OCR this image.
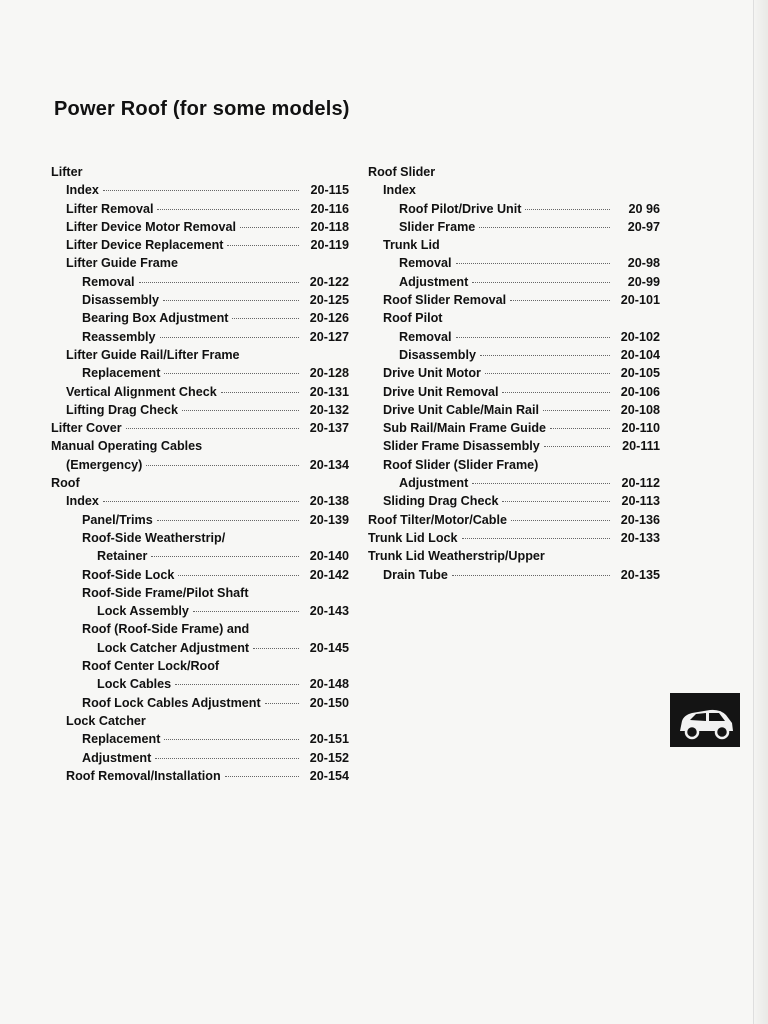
Power Roof (for some models)
Lifter
Index	20-115
Lifter Removal	20-116
Lifter Device Motor Removal	20-118
Lifter Device Replacement	20-119
Lifter Guide Frame
Removal	20-122
Disassembly	20-125
Bearing Box Adjustment	20-126
Reassembly	20-127
Lifter Guide Rail/Lifter Frame
Replacement	20-128
Vertical Alignment Check	20-131
Lifting Drag Check	20-132
Lifter Cover	20-137
Manual Operating Cables
(Emergency)	20-134
Roof
Index	20-138
Panel/Trims	20-139
Roof-Side Weatherstrip/
Retainer	20-140
Roof-Side Lock	20-142
Roof-Side Frame/Pilot Shaft
Lock Assembly	20-143
Roof (Roof-Side Frame) and
Lock Catcher Adjustment	20-145
Roof Center Lock/Roof
Lock Cables	20-148
Roof Lock Cables Adjustment	20-150
Lock Catcher
Replacement	20-151
Adjustment	20-152
Roof Removal/Installation	20-154
Roof Slider
Index
Roof Pilot/Drive Unit	20 96
Slider Frame	20-97
Trunk Lid
Removal	20-98
Adjustment	20-99
Roof Slider Removal	20-101
Roof Pilot
Removal	20-102
Disassembly	20-104
Drive Unit Motor	20-105
Drive Unit Removal	20-106
Drive Unit Cable/Main Rail	20-108
Sub Rail/Main Frame Guide	20-110
Slider Frame Disassembly	20-111
Roof Slider (Slider Frame)
Adjustment	20-112
Sliding Drag Check	20-113
Roof Tilter/Motor/Cable	20-136
Trunk Lid Lock	20-133
Trunk Lid Weatherstrip/Upper
Drain Tube	20-135
